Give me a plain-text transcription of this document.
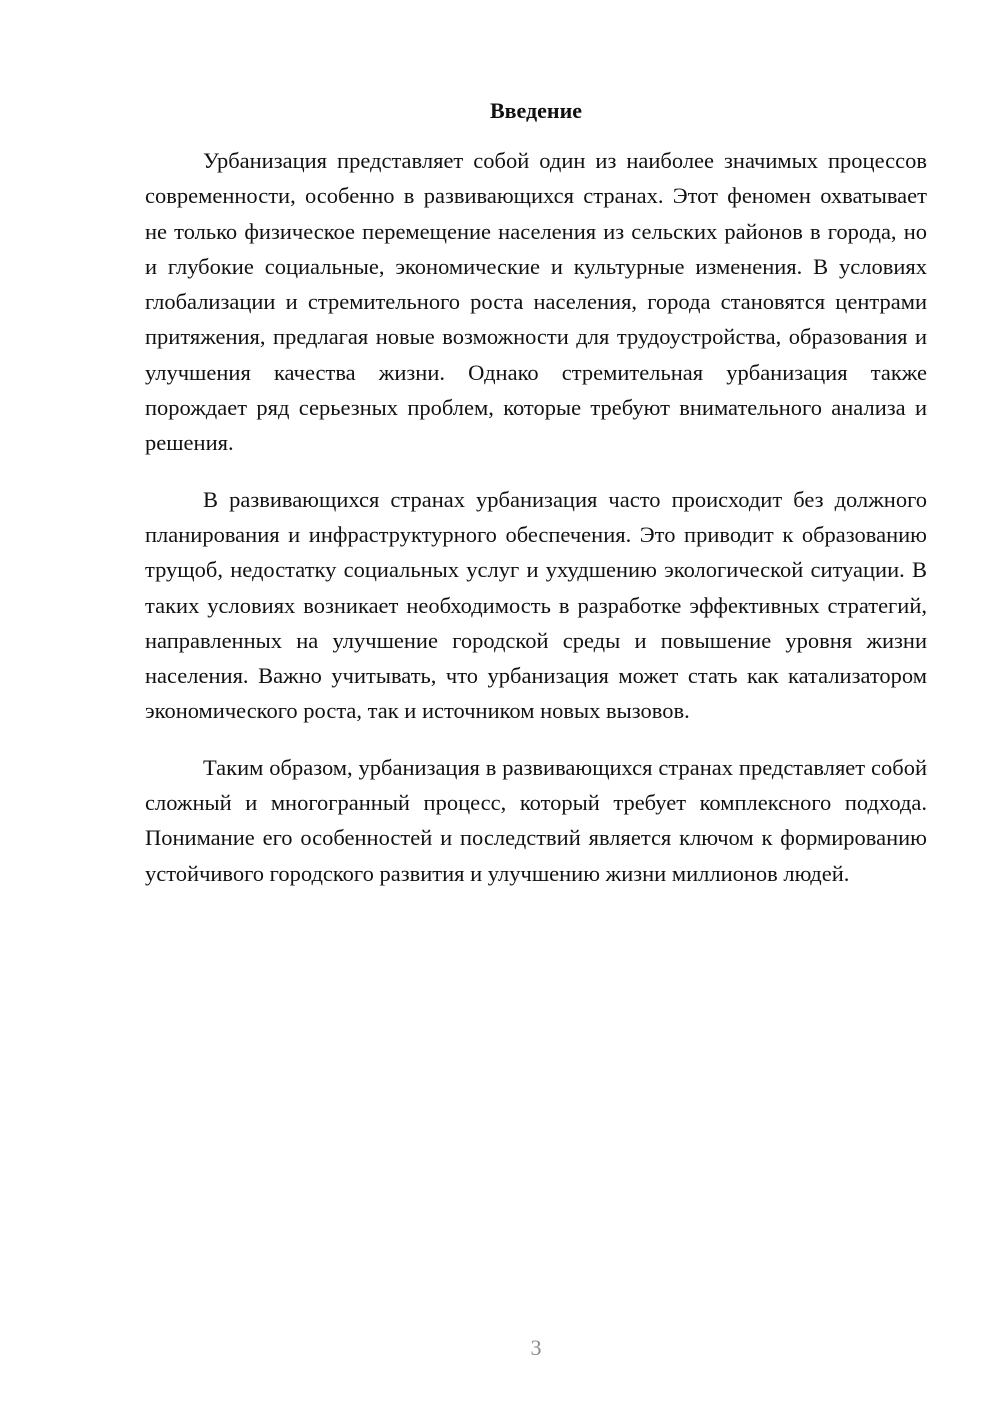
Введение

Урбанизация представляет собой один из наиболее значимых процессов современности, особенно в развивающихся странах. Этот феномен охватывает не только физическое перемещение населения из сельских районов в города, но и глубокие социальные, экономические и культурные изменения. В условиях глобализации и стремительного роста населения, города становятся центрами притяжения, предлагая новые возможности для трудоустройства, образования и улучшения качества жизни. Однако стремительная урбанизация также порождает ряд серьезных проблем, которые требуют внимательного анализа и решения.

В развивающихся странах урбанизация часто происходит без должного планирования и инфраструктурного обеспечения. Это приводит к образованию трущоб, недостатку социальных услуг и ухудшению экологической ситуации. В таких условиях возникает необходимость в разработке эффективных стратегий, направленных на улучшение городской среды и повышение уровня жизни населения. Важно учитывать, что урбанизация может стать как катализатором экономического роста, так и источником новых вызовов.

Таким образом, урбанизация в развивающихся странах представляет собой сложный и многогранный процесс, который требует комплексного подхода. Понимание его особенностей и последствий является ключом к формированию устойчивого городского развития и улучшению жизни миллионов людей.

3
